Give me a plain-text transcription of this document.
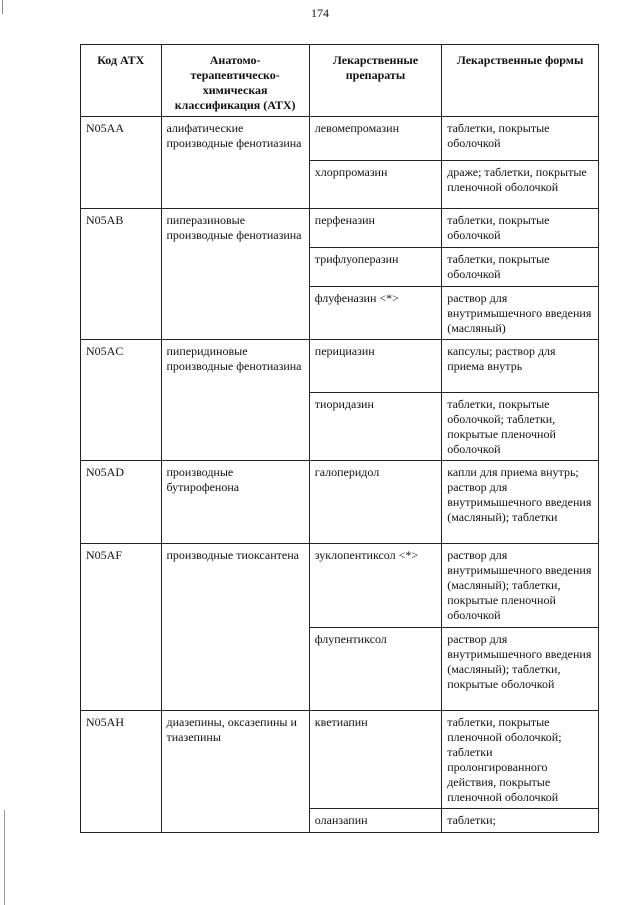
174
Код АТХ	Анатомо-терапевтическо-химическая классификация (АТХ)	Лекарственные препараты	Лекарственные формы
N05AA	алифатические производные фенотиазина	левомепромазин	таблетки, покрытые оболочкой
		хлорпромазин	драже; таблетки, покрытые пленочной оболочкой
N05AB	пиперазиновые производные фенотиазина	перфеназин	таблетки, покрытые оболочкой
		трифлуоперазин	таблетки, покрытые оболочкой
		флуфеназин <*>	раствор для внутримышечного введения (масляный)
N05AC	пиперидиновые производные фенотиазина	перициазин	капсулы; раствор для приема внутрь
		тиоридазин	таблетки, покрытые оболочкой; таблетки, покрытые пленочной оболочкой
N05AD	производные бутирофенона	галоперидол	капли для приема внутрь; раствор для внутримышечного введения (масляный); таблетки
N05AF	производные тиоксантена	зуклопентиксол <*>	раствор для внутримышечного введения (масляный); таблетки, покрытые пленочной оболочкой
		флупентиксол	раствор для внутримышечного введения (масляный); таблетки, покрытые оболочкой
N05AH	диазепины, оксазепины и тиазепины	кветиапин	таблетки, покрытые пленочной оболочкой; таблетки пролонгированного действия, покрытые пленочной оболочкой
		оланзапин	таблетки;
